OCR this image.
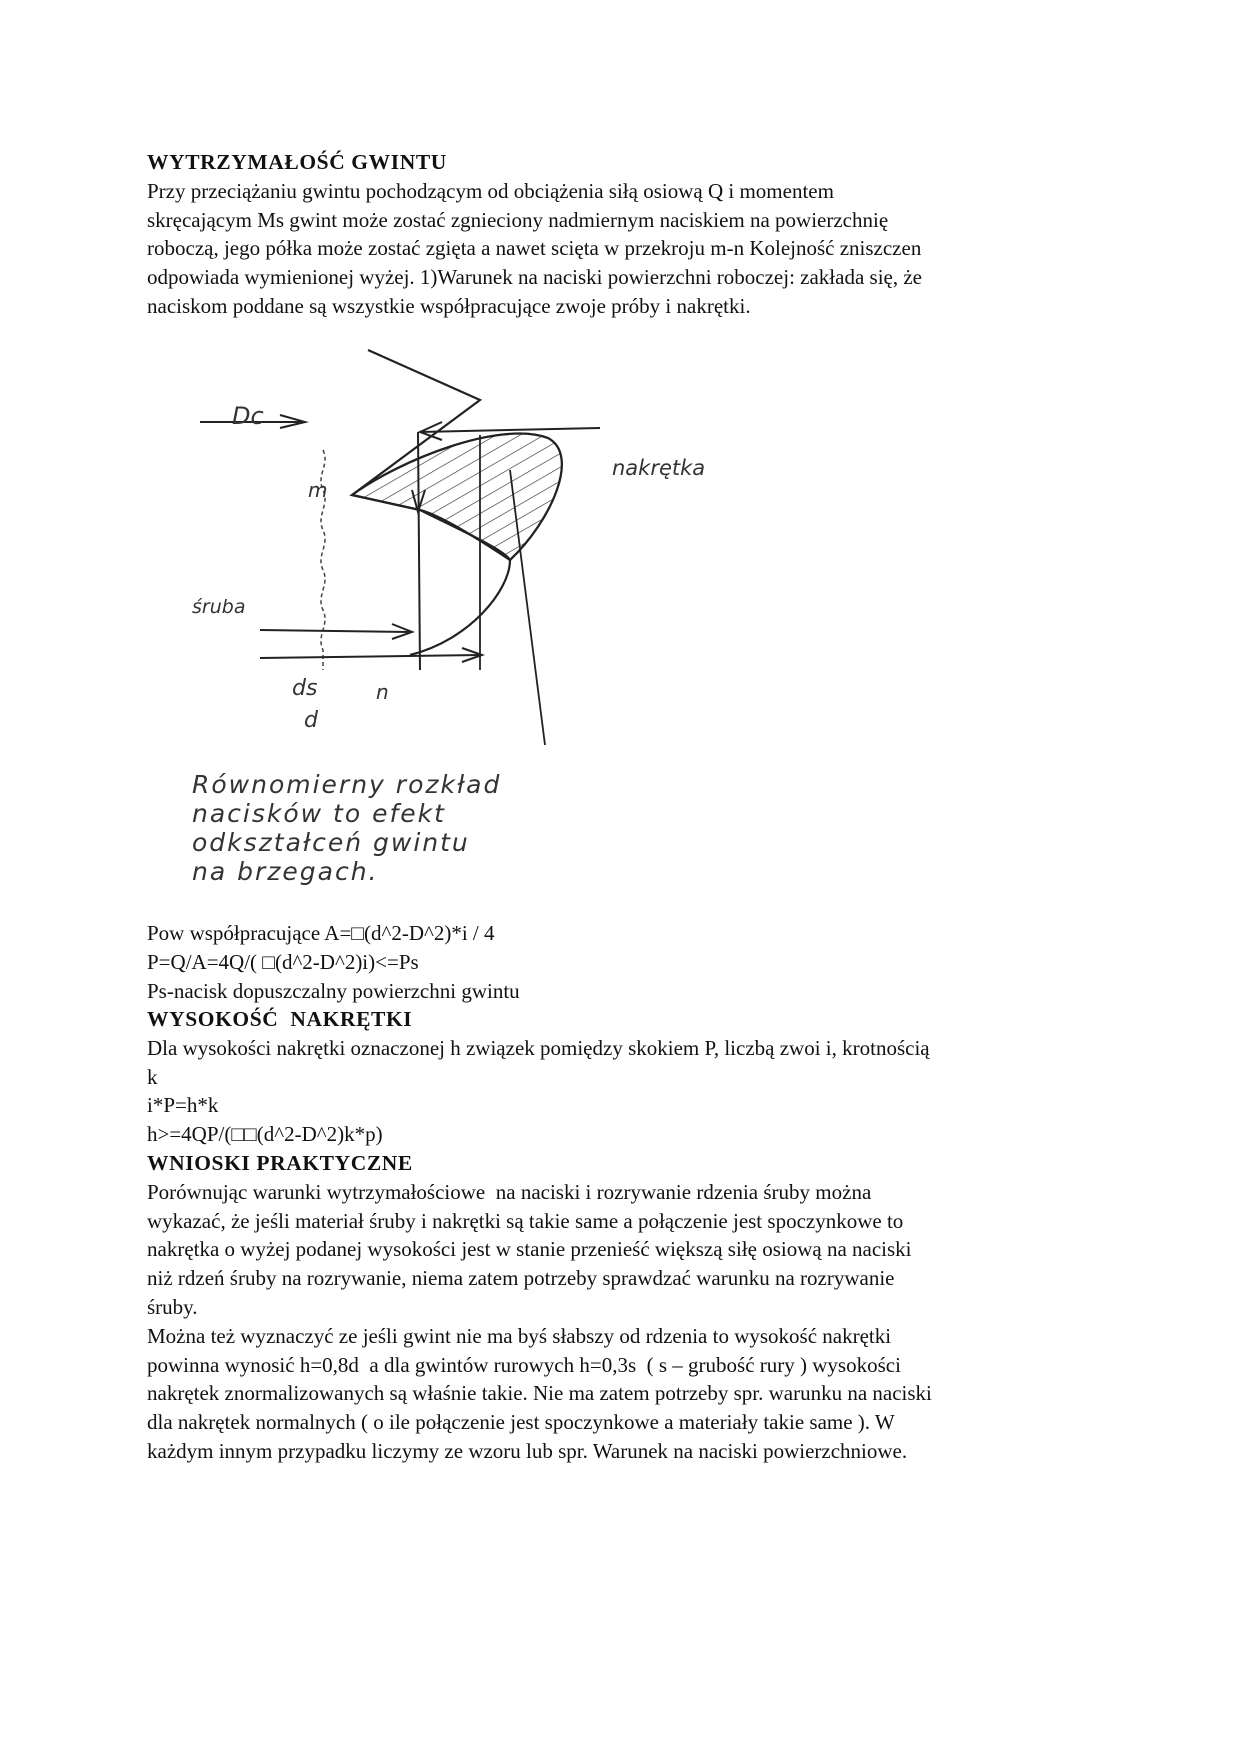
WYTRZYMAŁOŚĆ GWINTU
Przy przeciążaniu gwintu pochodzącym od obciążenia siłą osiową Q i momentem
skręcającym Ms gwint może zostać zgnieciony nadmiernym naciskiem na powierzchnię
roboczą, jego półka może zostać zgięta a nawet scięta w przekroju m-n Kolejność zniszczen
odpowiada wymienionej wyżej. 1)Warunek na naciski powierzchni roboczej: zakłada się, że
naciskom poddane są wszystkie współpracujące zwoje próby i nakrętki.
Dc
m
n
nakrętka
śruba
ds
d
Równomierny rozkład
nacisków to efekt
odkształceń gwintu
na brzegach.
Pow współpracujące A=□(d^2-D^2)*i / 4
P=Q/A=4Q/( □(d^2-D^2)i)<=Ps
Ps-nacisk dopuszczalny powierzchni gwintu
WYSOKOŚĆ  NAKRĘTKI
Dla wysokości nakrętki oznaczonej h związek pomiędzy skokiem P, liczbą zwoi i, krotnością
k
i*P=h*k
h>=4QP/(□□(d^2-D^2)k*p)
WNIOSKI PRAKTYCZNE
Porównując warunki wytrzymałościowe  na naciski i rozrywanie rdzenia śruby można
wykazać, że jeśli materiał śruby i nakrętki są takie same a połączenie jest spoczynkowe to
nakrętka o wyżej podanej wysokości jest w stanie przenieść większą siłę osiową na naciski
niż rdzeń śruby na rozrywanie, niema zatem potrzeby sprawdzać warunku na rozrywanie
śruby.
Można też wyznaczyć ze jeśli gwint nie ma byś słabszy od rdzenia to wysokość nakrętki
powinna wynosić h=0,8d  a dla gwintów rurowych h=0,3s  ( s – grubość rury ) wysokości
nakrętek znormalizowanych są właśnie takie. Nie ma zatem potrzeby spr. warunku na naciski
dla nakrętek normalnych ( o ile połączenie jest spoczynkowe a materiały takie same ). W
każdym innym przypadku liczymy ze wzoru lub spr. Warunek na naciski powierzchniowe.
